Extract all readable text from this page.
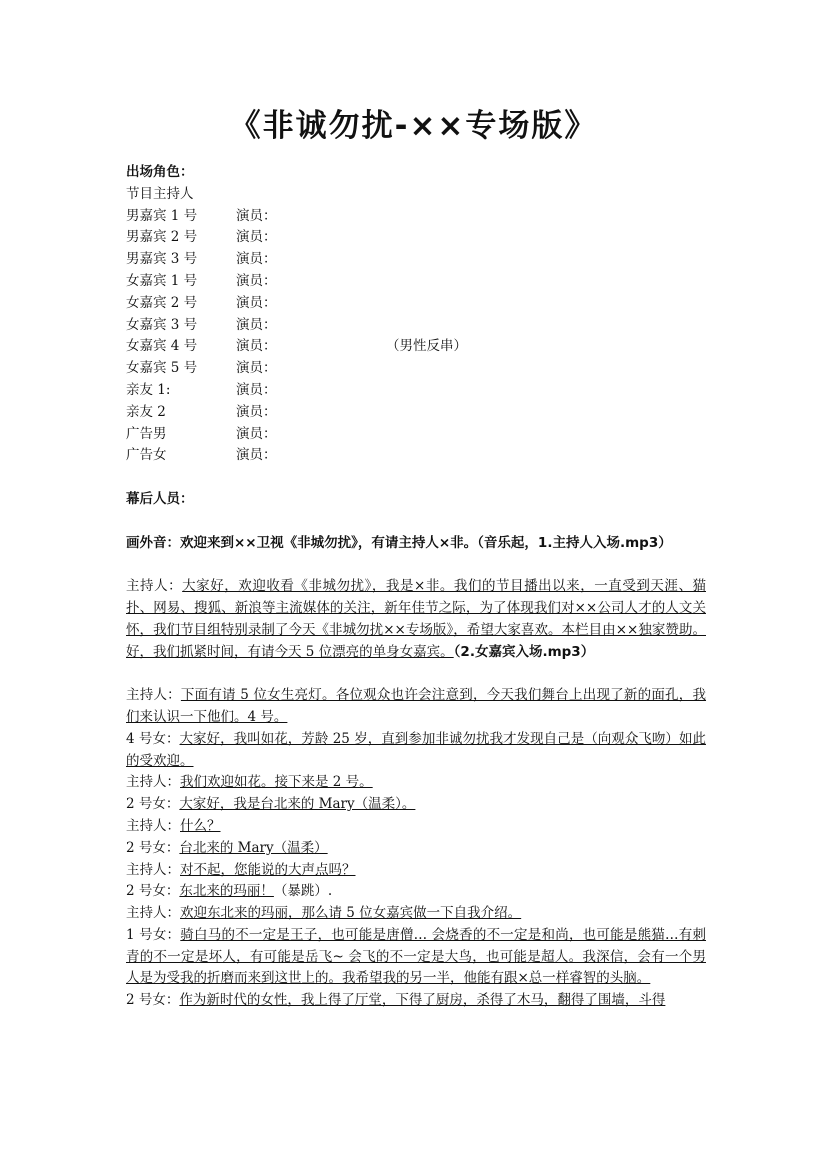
《非诚勿扰-××专场版》
出场角色：
节目主持人
男嘉宾 1 号	演员：
男嘉宾 2 号	演员：
男嘉宾 3 号	演员：
女嘉宾 1 号	演员：
女嘉宾 2 号	演员：
女嘉宾 3 号	演员：
女嘉宾 4 号	演员：	（男性反串）
女嘉宾 5 号	演员：
亲友 1:	演员：
亲友 2	演员：
广告男	演员：
广告女	演员：
幕后人员：
画外音：欢迎来到××卫视《非城勿扰》，有请主持人×非。（音乐起，1.主持人入场.mp3）

主持人：大家好，欢迎收看《非城勿扰》，我是×非。我们的节目播出以来，一直受到天涯、猫扑、网易、搜狐、新浪等主流媒体的关注，新年佳节之际，为了体现我们对××公司人才的人文关怀，我们节目组特别录制了今天《非城勿扰××专场版》，希望大家喜欢。本栏目由××独家赞助。好，我们抓紧时间，有请今天 5 位漂亮的单身女嘉宾。（2.女嘉宾入场.mp3）

主持人：下面有请 5 位女生亮灯。各位观众也许会注意到，今天我们舞台上出现了新的面孔，我们来认识一下他们。4 号。

4 号女：大家好，我叫如花，芳龄 25 岁，直到参加非诚勿扰我才发现自己是（向观众飞吻）如此的受欢迎。

主持人：我们欢迎如花。接下来是 2 号。

2 号女：大家好，我是台北来的 Mary（温柔）。

主持人：什么？

2 号女：台北来的 Mary（温柔）

主持人：对不起，您能说的大声点吗？

2 号女：东北来的玛丽！（暴跳）.

主持人：欢迎东北来的玛丽，那么请 5 位女嘉宾做一下自我介绍。

1 号女：骑白马的不一定是王子，也可能是唐僧… 会烧香的不一定是和尚，也可能是熊猫…有刺青的不一定是坏人，有可能是岳飞~ 会飞的不一定是大鸟，也可能是超人。我深信，会有一个男人是为受我的折磨而来到这世上的。我希望我的另一半，他能有跟×总一样睿智的头脑。

2 号女：作为新时代的女性，我上得了厅堂，下得了厨房，杀得了木马，翻得了围墙，斗得
